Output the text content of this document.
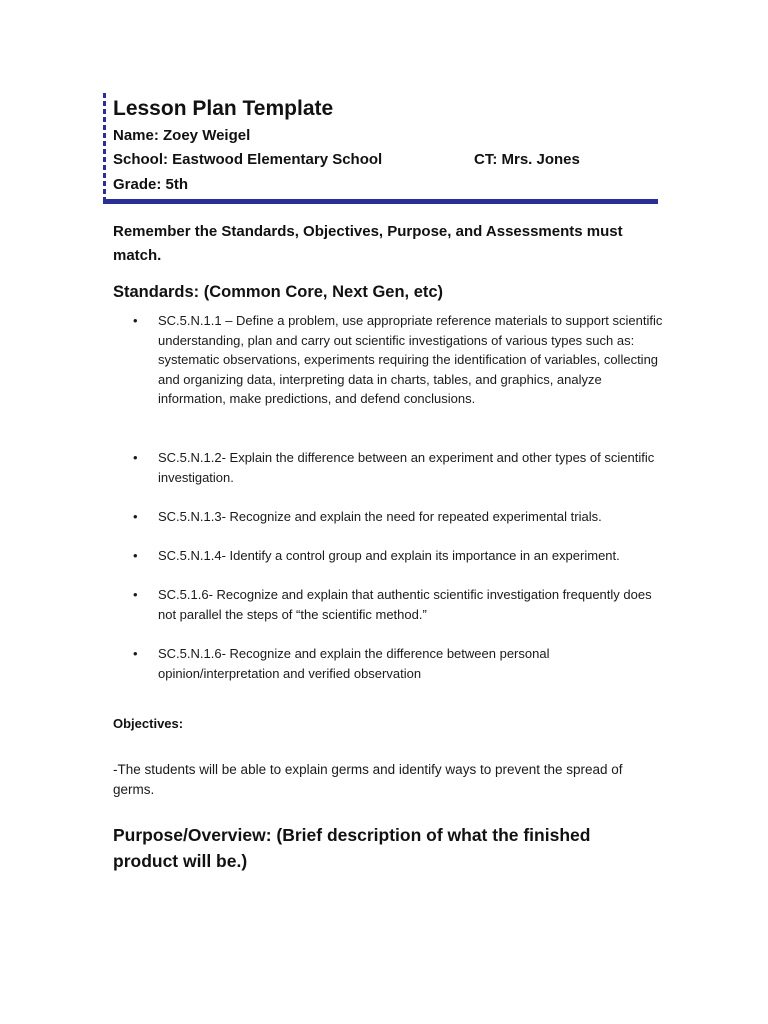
Lesson Plan Template

Name: Zoey Weigel

School: Eastwood Elementary School	CT: Mrs. Jones

Grade: 5th

Remember the Standards, Objectives, Purpose, and Assessments must match.

Standards: (Common Core, Next Gen, etc)
• SC.5.N.1.1 – Define a problem, use appropriate reference materials to support scientific understanding, plan and carry out scientific investigations of various types such as: systematic observations, experiments requiring the identification of variables, collecting and organizing data, interpreting data in charts, tables, and graphics, analyze information, make predictions, and defend conclusions.
• SC.5.N.1.2- Explain the difference between an experiment and other types of scientific investigation.
• SC.5.N.1.3- Recognize and explain the need for repeated experimental trials.
• SC.5.N.1.4- Identify a control group and explain its importance in an experiment.
• SC.5.1.6- Recognize and explain that authentic scientific investigation frequently does not parallel the steps of “the scientific method.”
• SC.5.N.1.6- Recognize and explain the difference between personal opinion/interpretation and verified observation
Objectives:

-The students will be able to explain germs and identify ways to prevent the spread of germs.

Purpose/Overview: (Brief description of what the finished product will be.)
